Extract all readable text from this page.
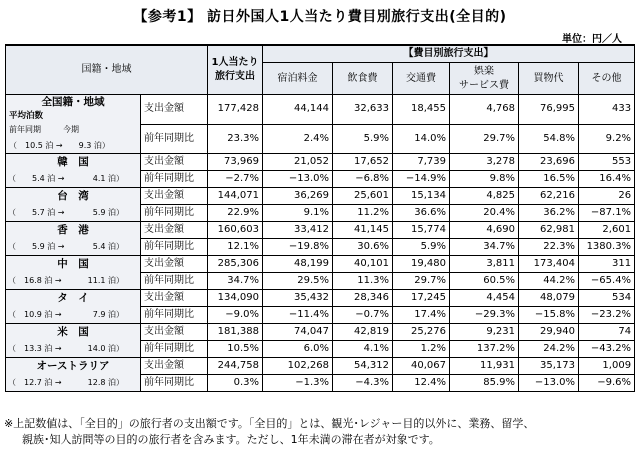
【参考1】 訪日外国人1人当たり費目別旅行支出(全目的)
単位：円／人
国籍・地域		1人当たり
旅行支出	【費目別旅行支出】					
			宿泊料金	飲食費	交通費	娯楽
サービス費	買物代	その他

全国籍・地域
平均泊数
前年同期 今期
（　10.5 泊 →　　9.3 泊）	支出金額	177,428	44,144	32,633	18,455	4,768	76,995	433
	前年同期比	23.3%	2.4%	5.9%	14.0%	29.7%	54.8%	9.2%
韓　国	支出金額	73,969	21,052	17,652	7,739	3,278	23,696	553

（　　5.4 泊 → 4.1 泊）	前年同期比	−2.7%	−13.0%	−6.8%	−14.9%	9.8%	16.5%	16.4%
台　湾	支出金額	144,071	36,269	25,601	15,134	4,825	62,216	26

（　　5.7 泊 → 5.9 泊）	前年同期比	22.9%	9.1%	11.2%	36.6%	20.4%	36.2%	−87.1%
香　港	支出金額	160,603	33,412	41,145	15,774	4,690	62,981	2,601

（　　5.9 泊 → 5.4 泊）	前年同期比	12.1%	−19.8%	30.6%	5.9%	34.7%	22.3%	1380.3%
中　国	支出金額	285,306	48,199	40,101	19,480	3,811	173,404	311

（　16.8 泊 → 11.1 泊）	前年同期比	34.7%	29.5%	11.3%	29.7%	60.5%	44.2%	−65.4%
タ　イ	支出金額	134,090	35,432	28,346	17,245	4,454	48,079	534

（　10.9 泊 → 7.9 泊）	前年同期比	−9.0%	−11.4%	−0.7%	17.4%	−29.3%	−15.8%	−23.2%
米　国	支出金額	181,388	74,047	42,819	25,276	9,231	29,940	74

（　13.3 泊 → 14.0 泊）	前年同期比	10.5%	6.0%	4.1%	1.2%	137.2%	24.2%	−43.2%
オーストラリア	支出金額	244,758	102,268	54,312	40,067	11,931	35,173	1,009

（　12.7 泊 → 12.8 泊）	前年同期比	0.3%	−1.3%	−4.3%	12.4%	85.9%	−13.0%	−9.6%
※上記数値は、「全目的」の旅行者の支出額です。「全目的」とは、観光･レジャー目的以外に、業務、留学、
親族･知人訪問等の目的の旅行者を含みます。ただし、1年未満の滞在者が対象です。
